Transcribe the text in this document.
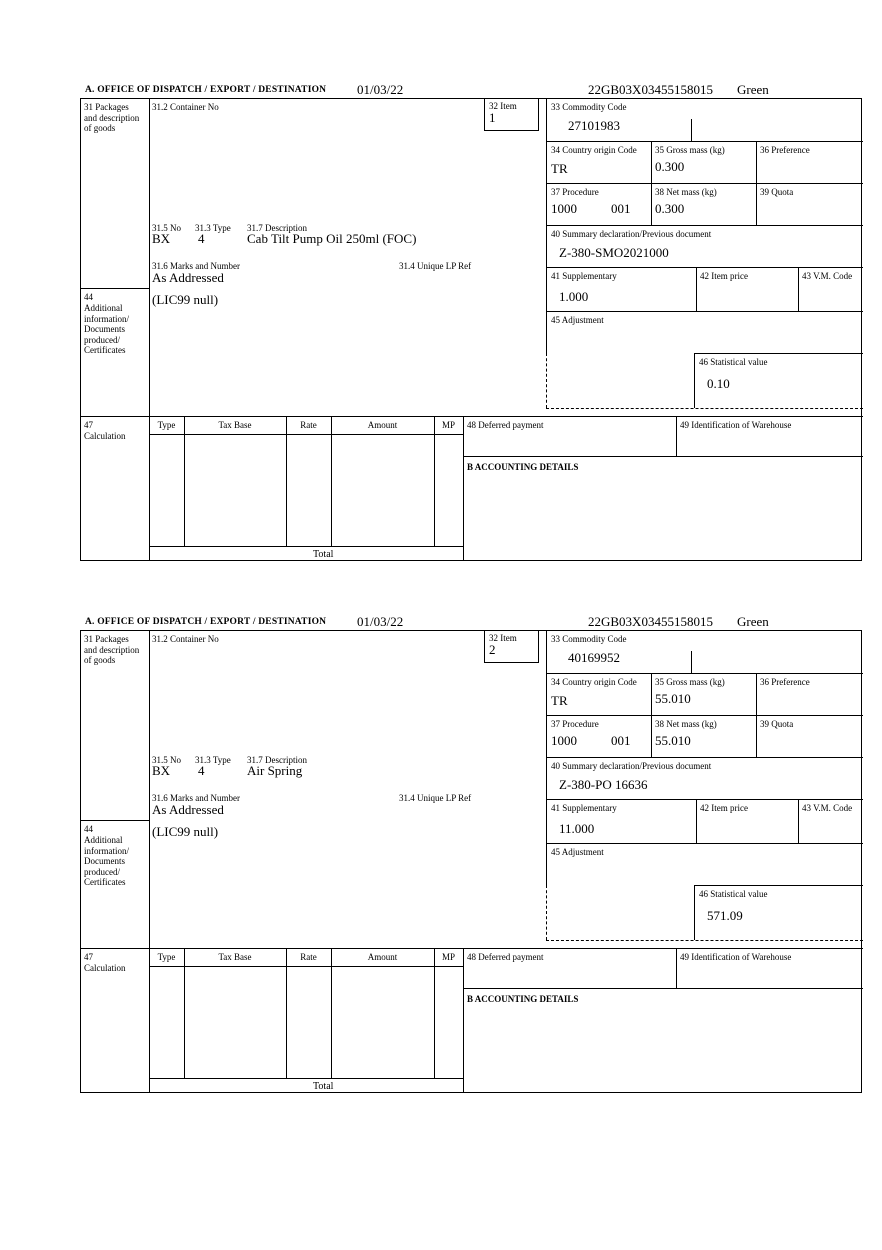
A. OFFICE OF DISPATCH / EXPORT / DESTINATION 01/03/22	22GB03X03455158015 Green
32 Item
1
31 Packages and description of goods
44
Additional information/ Documents produced/ Certificates
47 Calculation
31.2 Container No
31.5 No 31.3 Type 31.7 Description
BX 4	Cab Tilt Pump Oil 250ml (FOC)
31.6 Marks and Number	31.4 Unique LP Ref
As Addressed
(LIC99 null)
33 Commodity Code
27101983
34 Country origin Code
TR
35 Gross mass (kg)
0.300
36 Preference
37 Procedure
1000	001
38 Net mass (kg)
0.300
39 Quota
40 Summary declaration/Previous document
Z-380-SMO2021000
41 Supplementary
1.000
42 Item price	43 V.M. Code
45 Adjustment
46 Statistical value
0.10
Type	Tax Base	Rate	Amount	MP
Total
48 Deferred payment	49 Identification of Warehouse
B ACCOUNTING DETAILS
A. OFFICE OF DISPATCH / EXPORT / DESTINATION 01/03/22	22GB03X03455158015 Green
32 Item
2
31 Packages and description of goods
44
Additional information/ Documents produced/ Certificates
47 Calculation
31.2 Container No
31.5 No 31.3 Type 31.7 Description
BX 4	Air Spring
31.6 Marks and Number	31.4 Unique LP Ref
As Addressed
(LIC99 null)
33 Commodity Code
40169952
34 Country origin Code
TR
35 Gross mass (kg)
55.010
36 Preference
37 Procedure
1000	001
38 Net mass (kg)
55.010
39 Quota
40 Summary declaration/Previous document
Z-380-PO 16636
41 Supplementary
11.000
42 Item price	43 V.M. Code
45 Adjustment
46 Statistical value
571.09
Type	Tax Base	Rate	Amount	MP
Total
48 Deferred payment	49 Identification of Warehouse
B ACCOUNTING DETAILS
